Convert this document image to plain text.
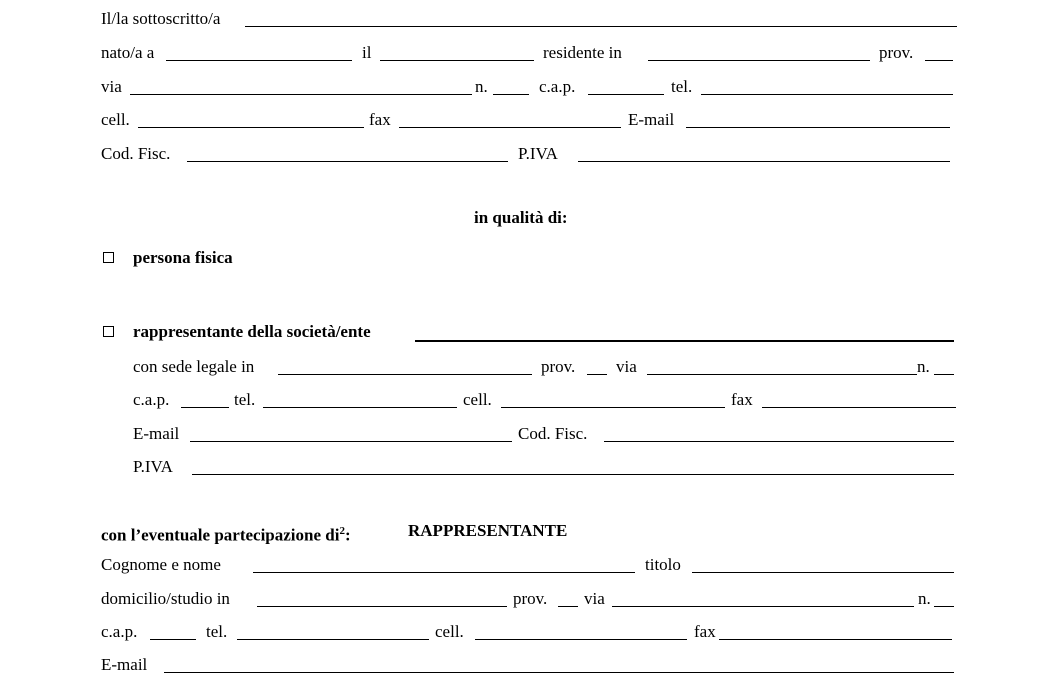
Il/la sottoscritto/a
nato/a a	il	residente in	prov.
via	n.	c.a.p.	tel.
cell.	fax	E-mail
Cod. Fisc.	P.IVA
in qualità di:
persona fisica
rappresentante della società/ente
con sede legale in	prov. via	n.
c.a.p.	tel.	cell.	fax
E-mail	Cod. Fisc.
P.IVA
con l’eventuale partecipazione $di^2$:	RAPPRESENTANTE
Cognome e nome	titolo
domicilio/studio in	prov. via	n.
c.a.p.	tel.	cell.	fax
E-mail
